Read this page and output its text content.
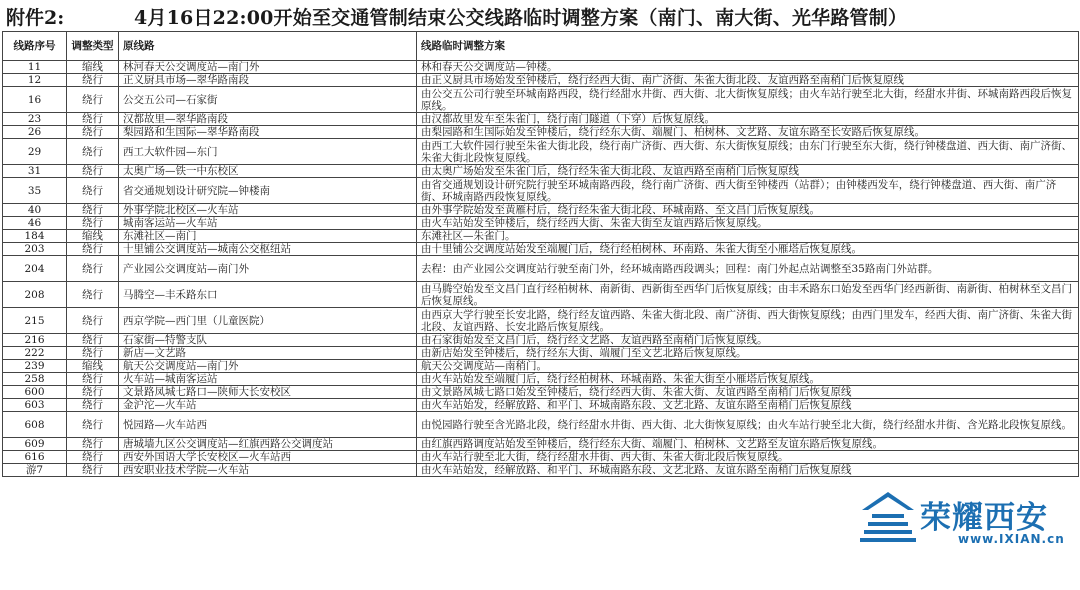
附件2:	4月16日22:00开始至交通管制结束公交线路临时调整方案（南门、南大街、光华路管制）
线路序号	调整类型	原线路	线路临时调整方案
11	缩线	林河春天公交调度站—南门外	林和春天公交调度站—钟楼。
12	绕行	正义厨具市场—翠华路南段	由正义厨具市场始发至钟楼后，绕行经西大街、南广济街、朱雀大街北段、友谊西路至南稍门后恢复原线
16	绕行	公交五公司—石家街	由公交五公司行驶至环城南路西段，绕行经甜水井街、西大街、北大街恢复原线；由火车站行驶至北大街，经甜水井街、环城南路西段后恢复原线。
23	绕行	汉都故里—翠华路南段	由汉都故里发车至朱雀门，绕行南门隧道（下穿）后恢复原线。
26	绕行	梨园路和生国际—翠华路南段	由梨园路和生国际始发至钟楼后，绕行经东大街、端履门、柏树林、文艺路、友谊东路至长安路后恢复原线。
29	绕行	西工大软件园—东门	由西工大软件园行驶至朱雀大街北段，绕行南广济街、西大街、东大街恢复原线；由东门行驶至东大街，绕行钟楼盘道、西大街、南广济街、朱雀大街北段恢复原线。
31	绕行	太奥广场—铁一中东校区	由太奥广场始发至朱雀门后，绕行经朱雀大街北段、友谊西路至南稍门后恢复原线
35	绕行	省交通规划设计研究院—钟楼南	由省交通规划设计研究院行驶至环城南路西段，绕行南广济街、西大街至钟楼西（站群）；由钟楼西发车，绕行钟楼盘道、西大街、南广济街、环城南路西段恢复原线。
40	绕行	外事学院北校区—火车站	由外事学院始发至黄雁村后，绕行经朱雀大街北段、环城南路、至文昌门后恢复原线。
46	绕行	城南客运站—火车站	由火车站始发至钟楼后，绕行经西大街、朱雀大街至友谊西路后恢复原线。
184	缩线	东滩社区—南门	东滩社区—朱雀门。
203	绕行	十里铺公交调度站—城南公交枢纽站	由十里铺公交调度站始发至端履门后，绕行经柏树林、环南路、朱雀大街至小雁塔后恢复原线。
204	绕行	产业园公交调度站—南门外	去程：由产业园公交调度站行驶至南门外，经环城南路西段调头；回程：南门外起点站调整至35路南门外站群。
208	绕行	马腾空—丰禾路东口	由马腾空始发至文昌门直行经柏树林、南新街、西新街至西华门后恢复原线；由丰禾路东口始发至西华门经西新街、南新街、柏树林至文昌门后恢复原线。
215	绕行	西京学院—西门里（儿童医院）	由西京大学行驶至长安北路，绕行经友谊西路、朱雀大街北段、南广济街、西大街恢复原线；由西门里发车，经西大街、南广济街、朱雀大街北段、友谊西路、长安北路后恢复原线。
216	绕行	石家街—特警支队	由石家街始发至文昌门后，绕行经文艺路、友谊西路至南稍门后恢复原线。
222	绕行	新店—文艺路	由新店始发至钟楼后，绕行经东大街、端履门至文艺北路后恢复原线。
239	缩线	航天公交调度站—南门外	航天公交调度站—南稍门。
258	绕行	火车站—城南客运站	由火车站始发至端履门后，绕行经柏树林、环城南路、朱雀大街至小雁塔后恢复原线。
600	绕行	文景路凤城七路口—陕师大长安校区	由文景路凤城七路口始发至钟楼后，绕行经西大街、朱雀大街、友谊西路至南稍门后恢复原线
603	绕行	金沪沱—火车站	由火车站始发，经解放路、和平门、环城南路东段、文艺北路、友谊东路至南稍门后恢复原线
608	绕行	悦园路—火车站西	由悦园路行驶至含光路北段，绕行经甜水井街、西大街、北大街恢复原线；由火车站行驶至北大街，绕行经甜水井街、含光路北段恢复原线。
609	绕行	唐城墙九区公交调度站—红旗西路公交调度站	由红旗西路调度站始发至钟楼后，绕行经东大街、端履门、柏树林、文艺路至友谊东路后恢复原线。
616	绕行	西安外国语大学长安校区—火车站西	由火车站行驶至北大街，绕行经甜水井街、西大街、朱雀大街北段后恢复原线。
游7	绕行	西安职业技术学院—火车站	由火车站始发，经解放路、和平门、环城南路东段、文艺北路、友谊东路至南稍门后恢复原线
荣耀西安
www.IXIAN.cn
